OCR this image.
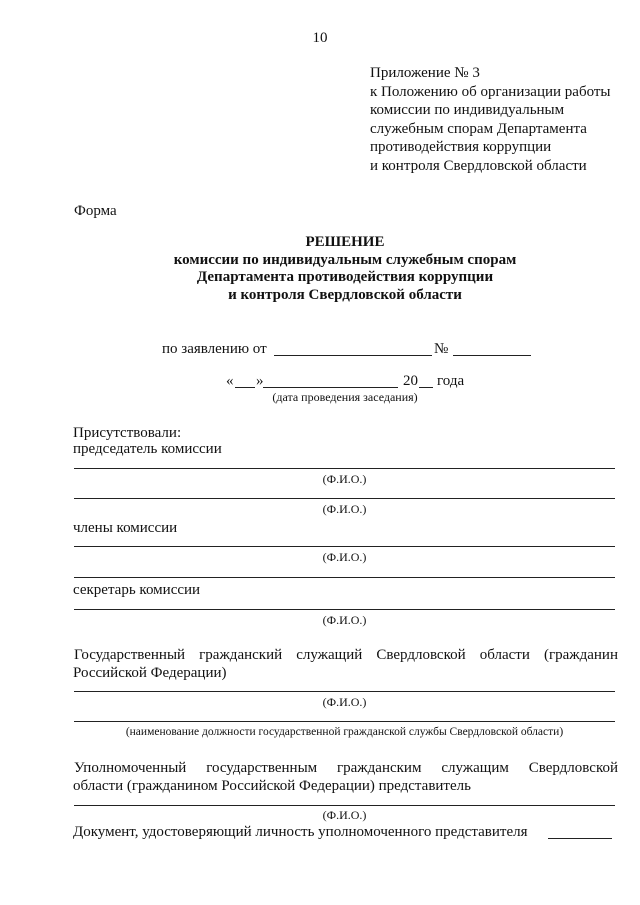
10
Приложение № 3
к Положению об организации работы
комиссии по индивидуальным
служебным спорам Департамента
противодействия коррупции
и контроля Свердловской области
Форма
РЕШЕНИЕ
комиссии по индивидуальным служебным спорам
Департамента противодействия коррупции
и контроля Свердловской области
по заявлению от	№
« »	20 года
(дата проведения заседания)
Присутствовали:
председатель комиссии
(Ф.И.О.)
(Ф.И.О.)
члены комиссии
(Ф.И.О.)
секретарь комиссии
(Ф.И.О.)
Государственный гражданский служащий Свердловской области (гражданин
Российской Федерации)
(Ф.И.О.)
(наименование должности государственной гражданской службы Свердловской области)
Уполномоченный государственным гражданским служащим Свердловской
области (гражданином Российской Федерации) представитель
(Ф.И.О.)
Документ, удостоверяющий личность уполномоченного представителя
